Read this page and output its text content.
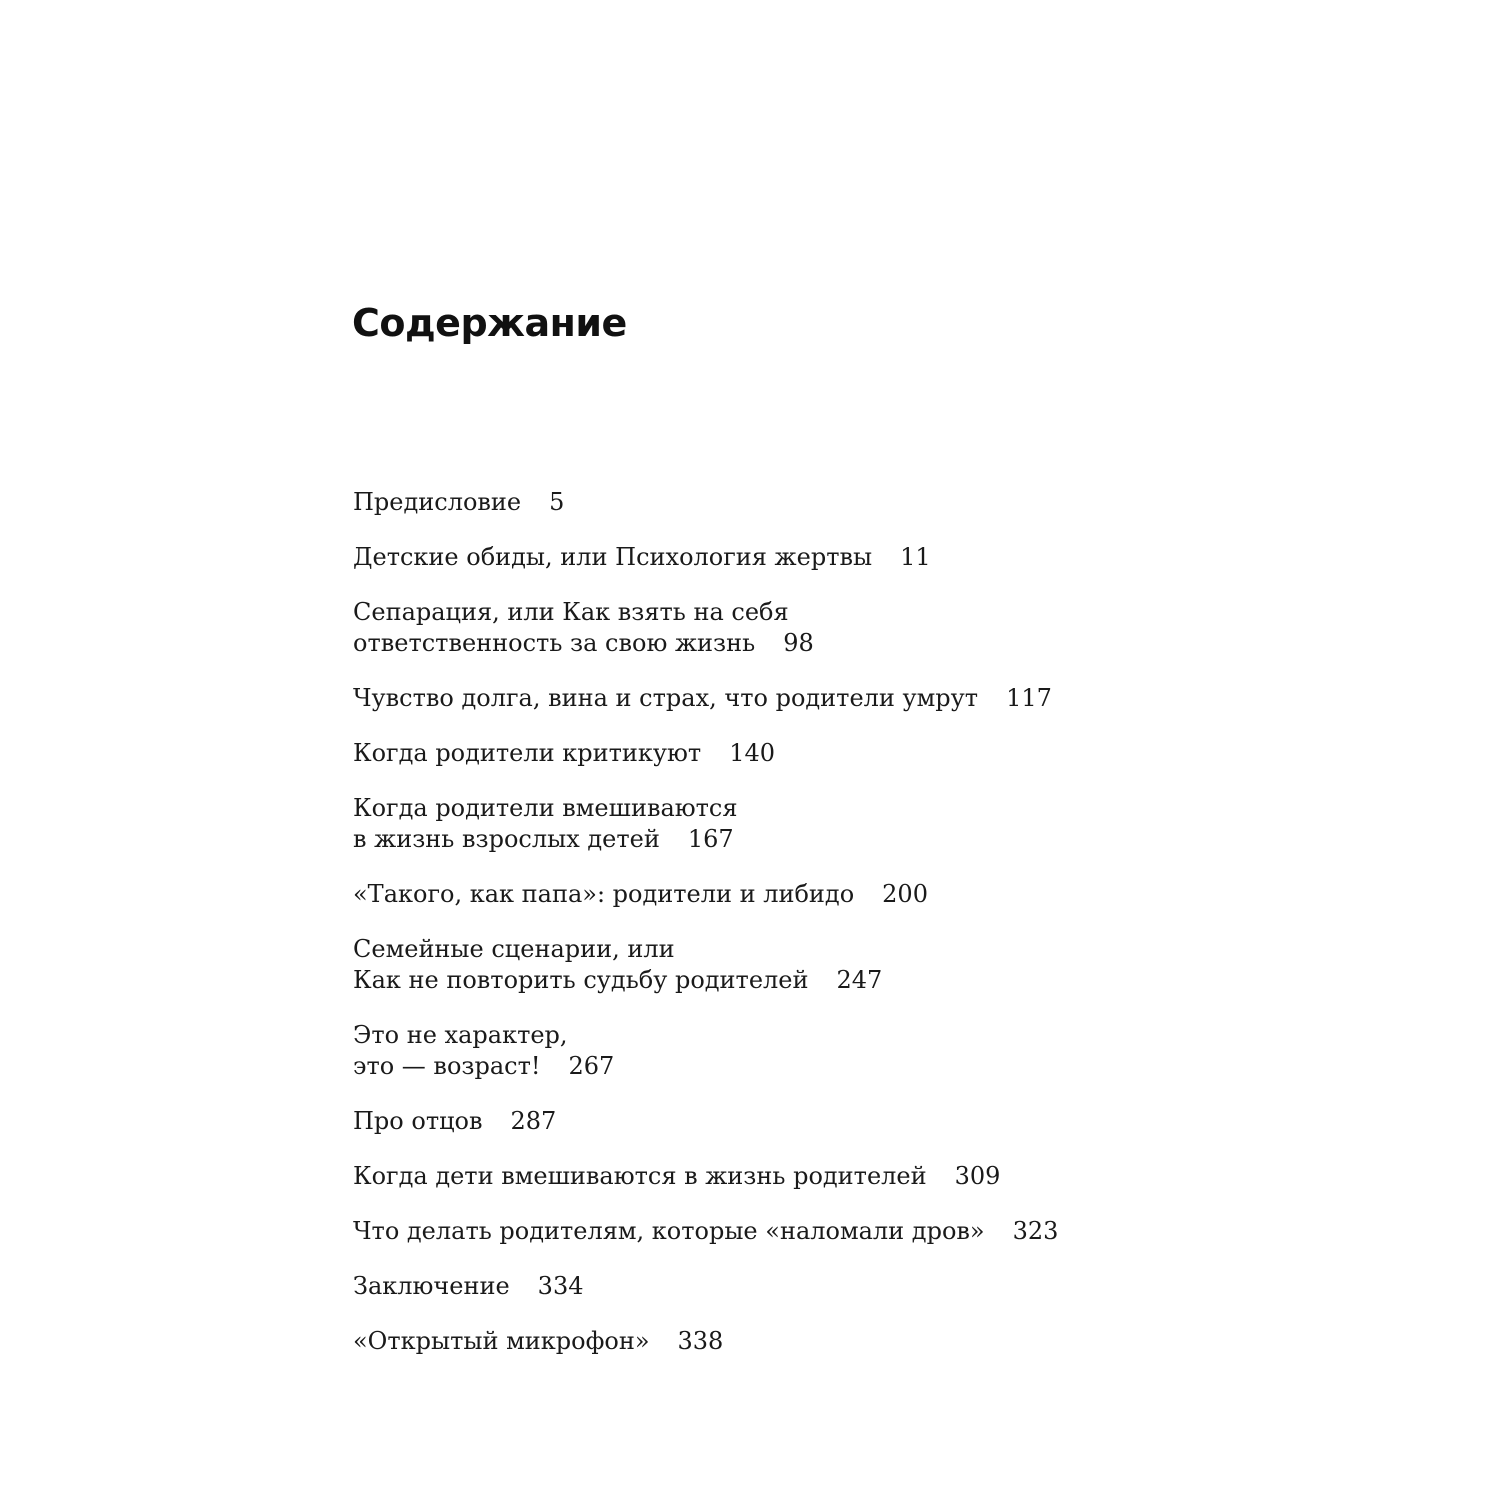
Содержание
Предисловие 5
Детские обиды, или Психология жертвы 11
Сепарация, или Как взять на себя
ответственность за свою жизнь 98
Чувство долга, вина и страх, что родители умрут 117
Когда родители критикуют 140
Когда родители вмешиваются
в жизнь взрослых детей 167
«Такого, как папа»: родители и либидо 200
Семейные сценарии, или
Как не повторить судьбу родителей 247
Это не характер,
это — возраст! 267
Про отцов 287
Когда дети вмешиваются в жизнь родителей 309
Что делать родителям, которые «наломали дров» 323
Заключение 334
«Открытый микрофон» 338
